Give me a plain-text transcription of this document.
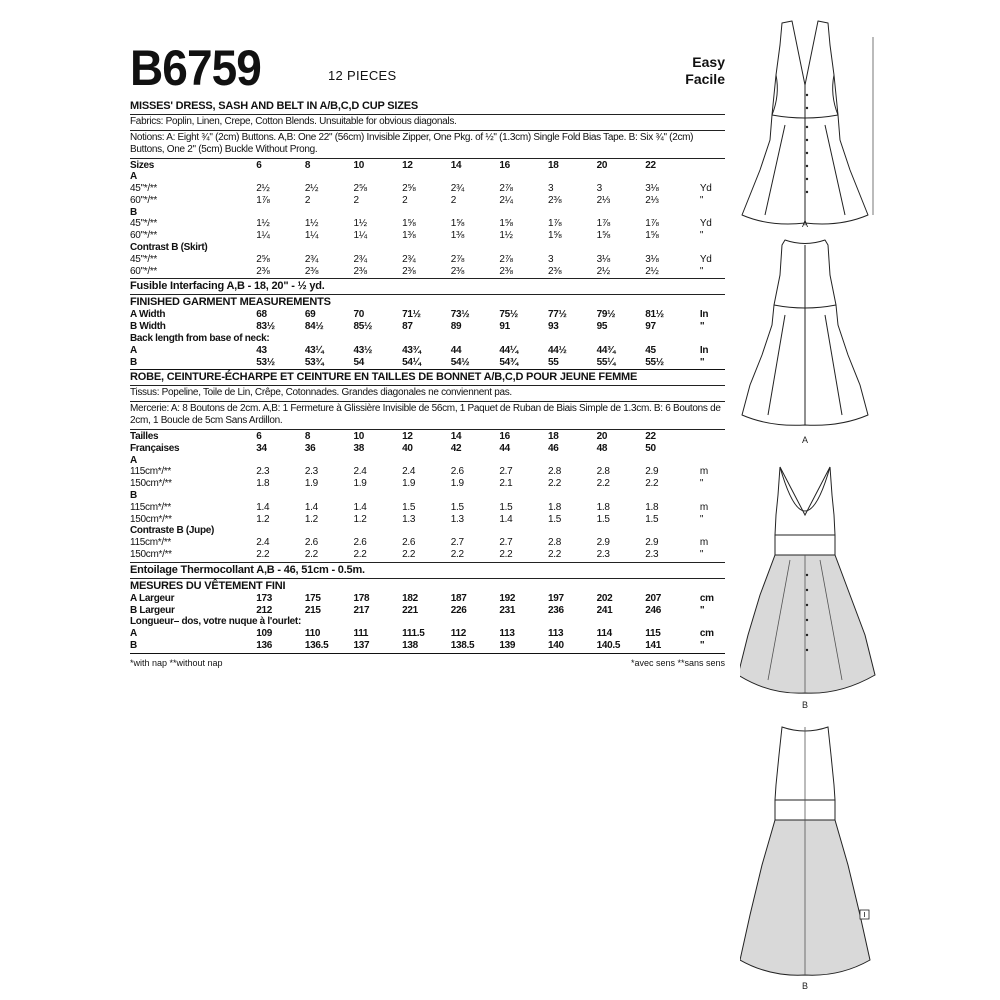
B6759	12 PIECES
Easy
Facile
MISSES' DRESS, SASH AND BELT IN A/B,C,D CUP SIZES
Fabrics: Poplin, Linen, Crepe, Cotton Blends. Unsuitable for obvious diagonals.
Notions: A: Eight ¾" (2cm) Buttons. A,B: One 22" (56cm) Invisible Zipper, One Pkg. of ½" (1.3cm) Single Fold Bias Tape. B: Six ¾" (2cm) Buttons, One 2" (5cm) Buckle Without Prong.
Sizes	6	8	10	12	14	16	18	20	22	
A										
45"*/**	2½	2½	2⅝	2⅝	2¾	2⅞	3	3	3⅛	Yd
60"*/**	1⅞	2	2	2	2	2¼	2⅜	2⅓	2⅓	"
B										
45"*/**	1½	1½	1½	1⅝	1⅝	1⅝	1⅞	1⅞	1⅞	Yd
60"*/**	1¼	1¼	1¼	1⅜	1⅜	1½	1⅝	1⅝	1⅝	"
Contrast B (Skirt)										
45"*/**	2⅝	2¾	2¾	2¾	2⅞	2⅞	3	3⅛	3⅛	Yd
60"*/**	2⅜	2⅜	2⅜	2⅜	2⅜	2⅜	2⅜	2½	2½	"
Fusible Interfacing A,B - 18, 20" - ½ yd.
FINISHED GARMENT MEASUREMENTS
A Width	68	69	70	71½	73½	75½	77½	79½	81½	In
B Width	83½	84½	85½	87	89	91	93	95	97	"
Back length from base of neck:										
A	43	43¼	43½	43¾	44	44¼	44½	44¾	45	In
B	53½	53¾	54	54¼	54½	54¾	55	55¼	55½	"
ROBE, CEINTURE-ÉCHARPE ET CEINTURE EN TAILLES DE BONNET A/B,C,D POUR JEUNE FEMME
Tissus: Popeline, Toile de Lin, Crêpe, Cotonnades. Grandes diagonales ne conviennent pas.
Mercerie: A: 8 Boutons de 2cm. A,B: 1 Fermeture à Glissière Invisible de 56cm, 1 Paquet de Ruban de Biais Simple de 1.3cm. B: 6 Boutons de 2cm, 1 Boucle de 5cm Sans Ardillon.
Tailles	6	8	10	12	14	16	18	20	22	
Françaises	34	36	38	40	42	44	46	48	50	
A										
115cm*/**	2.3	2.3	2.4	2.4	2.6	2.7	2.8	2.8	2.9	m
150cm*/**	1.8	1.9	1.9	1.9	1.9	2.1	2.2	2.2	2.2	"
B										
115cm*/**	1.4	1.4	1.4	1.5	1.5	1.5	1.8	1.8	1.8	m
150cm*/**	1.2	1.2	1.2	1.3	1.3	1.4	1.5	1.5	1.5	"
Contraste B (Jupe)										
115cm*/**	2.4	2.6	2.6	2.6	2.7	2.7	2.8	2.9	2.9	m
150cm*/**	2.2	2.2	2.2	2.2	2.2	2.2	2.2	2.3	2.3	"
Entoilage Thermocollant A,B - 46, 51cm - 0.5m.
MESURES DU VÊTEMENT FINI
A Largeur	173	175	178	182	187	192	197	202	207	cm
B Largeur	212	215	217	221	226	231	236	241	246	"
Longueur– dos, votre nuque à l'ourlet:										
A	109	110	111	111.5	112	113	113	114	115	cm
B	136	136.5	137	138	138.5	139	140	140.5	141	"
*with nap **without nap	*avec sens **sans sens
A
A
B
B
